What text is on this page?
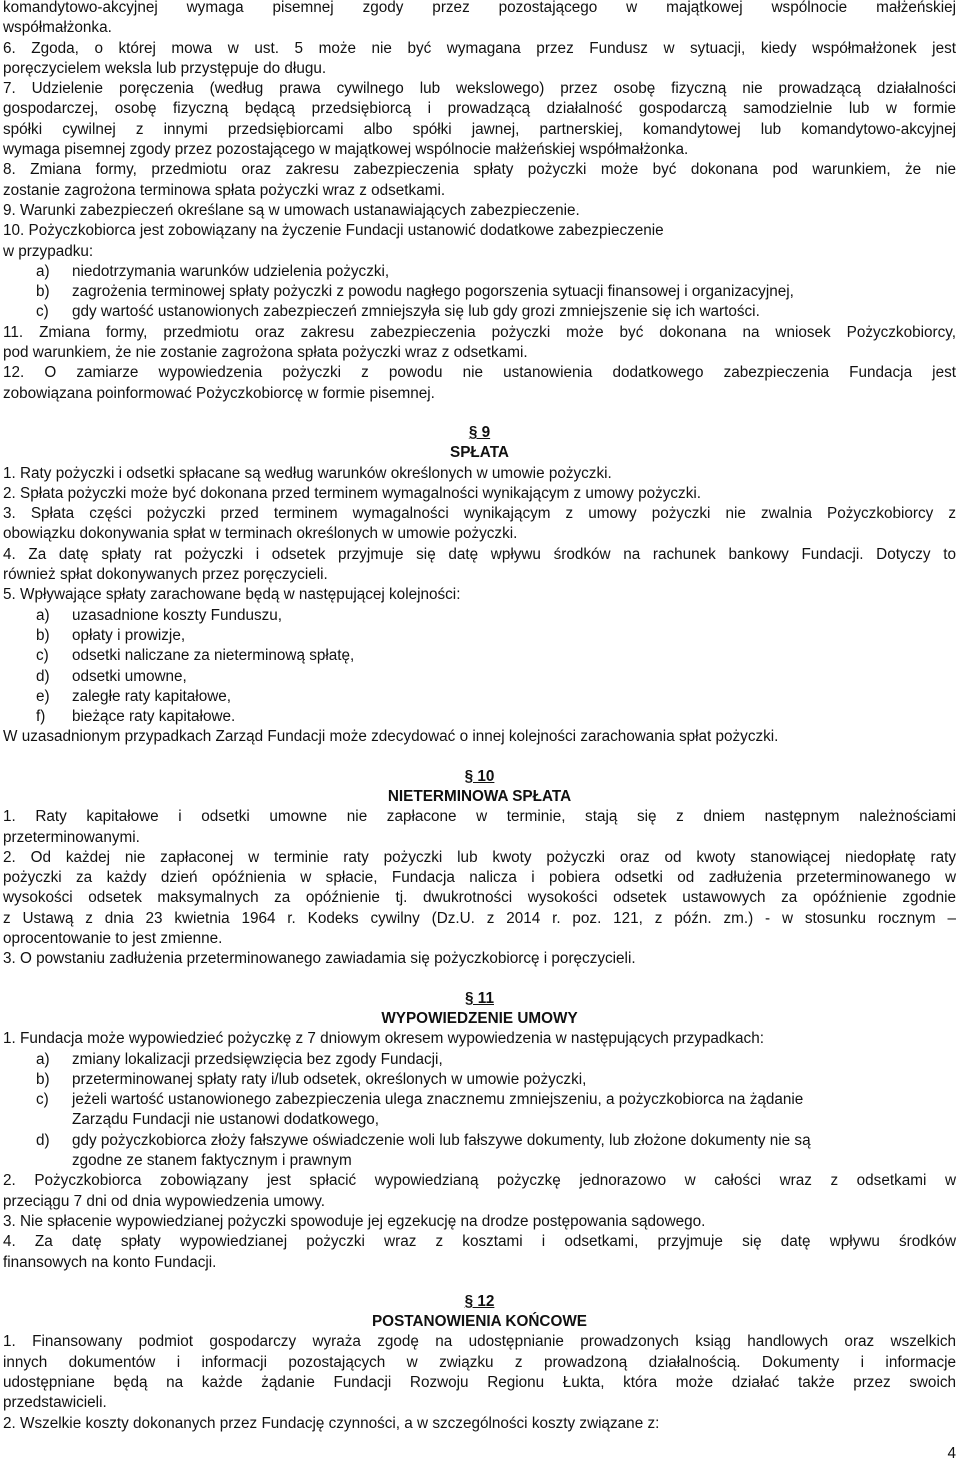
komandytowo-akcyjnej wymaga pisemnej zgody przez pozostającego w majątkowej wspólnocie małżeńskiej

współmałżonka.

6. Zgoda, o której mowa w ust. 5 może nie być wymagana przez Fundusz w sytuacji, kiedy współmałżonek jest

poręczycielem weksla lub przystępuje do długu.

7. Udzielenie poręczenia (według prawa cywilnego lub wekslowego) przez osobę fizyczną nie prowadzącą działalności

gospodarczej, osobę fizyczną będącą przedsiębiorcą i prowadzącą działalność gospodarczą samodzielnie lub w formie

spółki cywilnej z innymi przedsiębiorcami albo spółki jawnej, partnerskiej, komandytowej lub komandytowo-akcyjnej

wymaga pisemnej zgody przez pozostającego w majątkowej wspólnocie małżeńskiej współmałżonka.

8. Zmiana formy, przedmiotu oraz zakresu zabezpieczenia spłaty pożyczki może być dokonana pod warunkiem, że nie

zostanie zagrożona terminowa spłata pożyczki wraz z odsetkami.

9. Warunki zabezpieczeń określane są w umowach ustanawiających zabezpieczenie.

10. Pożyczkobiorca jest zobowiązany na życzenie Fundacji ustanowić dodatkowe zabezpieczenie

w przypadku:

a)	niedotrzymania warunków udzielenia pożyczki,
b)	zagrożenia terminowej spłaty pożyczki z powodu nagłego pogorszenia sytuacji finansowej i organizacyjnej,
c)	gdy wartość ustanowionych zabezpieczeń zmniejszyła się lub gdy grozi zmniejszenie się ich wartości.

11. Zmiana formy, przedmiotu oraz zakresu zabezpieczenia pożyczki może być dokonana na wniosek Pożyczkobiorcy,

pod warunkiem, że nie zostanie zagrożona spłata pożyczki wraz z odsetkami.

12. O zamiarze wypowiedzenia pożyczki z powodu nie ustanowienia dodatkowego zabezpieczenia Fundacja jest

zobowiązana poinformować Pożyczkobiorcę w formie pisemnej.

§ 9

SPŁATA

1. Raty pożyczki i odsetki spłacane są według warunków określonych w umowie pożyczki.

2. Spłata pożyczki może być dokonana przed terminem wymagalności wynikającym z umowy pożyczki.

3. Spłata części pożyczki przed terminem wymagalności wynikającym z umowy pożyczki nie zwalnia Pożyczkobiorcy z

obowiązku dokonywania spłat w terminach określonych w umowie pożyczki.

4. Za datę spłaty rat pożyczki i odsetek przyjmuje się datę wpływu środków na rachunek bankowy Fundacji. Dotyczy to

również spłat dokonywanych przez poręczycieli.

5. Wpływające spłaty zarachowane będą w następującej kolejności:

a)	uzasadnione koszty Funduszu,
b)	opłaty i prowizje,
c)	odsetki naliczane za nieterminową spłatę,
d)	odsetki umowne,
e)	zaległe raty kapitałowe,
f)	bieżące raty kapitałowe.

W uzasadnionym przypadkach Zarząd Fundacji może zdecydować o innej kolejności zarachowania spłat pożyczki.

§ 10

NIETERMINOWA SPŁATA

1. Raty kapitałowe i odsetki umowne nie zapłacone w terminie, stają się z dniem następnym należnościami

przeterminowanymi.

2. Od każdej nie zapłaconej w terminie raty pożyczki lub kwoty pożyczki oraz od kwoty stanowiącej niedopłatę raty

pożyczki za każdy dzień opóźnienia w spłacie, Fundacja nalicza i pobiera odsetki od zadłużenia przeterminowanego w

wysokości odsetek maksymalnych za opóźnienie tj. dwukrotności wysokości odsetek ustawowych za opóźnienie zgodnie

z Ustawą z dnia 23 kwietnia 1964 r. Kodeks cywilny (Dz.U. z 2014 r. poz. 121, z późn. zm.) - w stosunku rocznym –

oprocentowanie to jest zmienne.

3. O powstaniu zadłużenia przeterminowanego zawiadamia się pożyczkobiorcę i poręczycieli.

§ 11

WYPOWIEDZENIE UMOWY

1. Fundacja może wypowiedzieć pożyczkę z 7 dniowym okresem wypowiedzenia w następujących przypadkach:

a)	zmiany lokalizacji przedsięwzięcia bez zgody Fundacji,
b)	przeterminowanej spłaty raty i/lub odsetek, określonych w umowie pożyczki,
c)	jeżeli wartość ustanowionego zabezpieczenia ulega znacznemu zmniejszeniu, a pożyczkobiorca na żądanie
Zarządu Fundacji nie ustanowi dodatkowego,
d)	gdy pożyczkobiorca złoży fałszywe oświadczenie woli lub fałszywe dokumenty, lub złożone dokumenty nie są
zgodne ze stanem faktycznym i prawnym

2. Pożyczkobiorca zobowiązany jest spłacić wypowiedzianą pożyczkę jednorazowo w całości wraz z odsetkami w

przeciągu 7 dni od dnia wypowiedzenia umowy.

3. Nie spłacenie wypowiedzianej pożyczki spowoduje jej egzekucję na drodze postępowania sądowego.

4. Za datę spłaty wypowiedzianej pożyczki wraz z kosztami i odsetkami, przyjmuje się datę wpływu środków

finansowych na konto Fundacji.

§ 12

POSTANOWIENIA KOŃCOWE

1. Finansowany podmiot gospodarczy wyraża zgodę na udostępnianie prowadzonych ksiąg handlowych oraz wszelkich

innych dokumentów i informacji pozostających w związku z prowadzoną działalnością. Dokumenty i informacje

udostępniane będą na każde żądanie Fundacji Rozwoju Regionu Łukta, która może działać także przez swoich

przedstawicieli.

2. Wszelkie koszty dokonanych przez Fundację czynności, a w szczególności koszty związane z:

4
